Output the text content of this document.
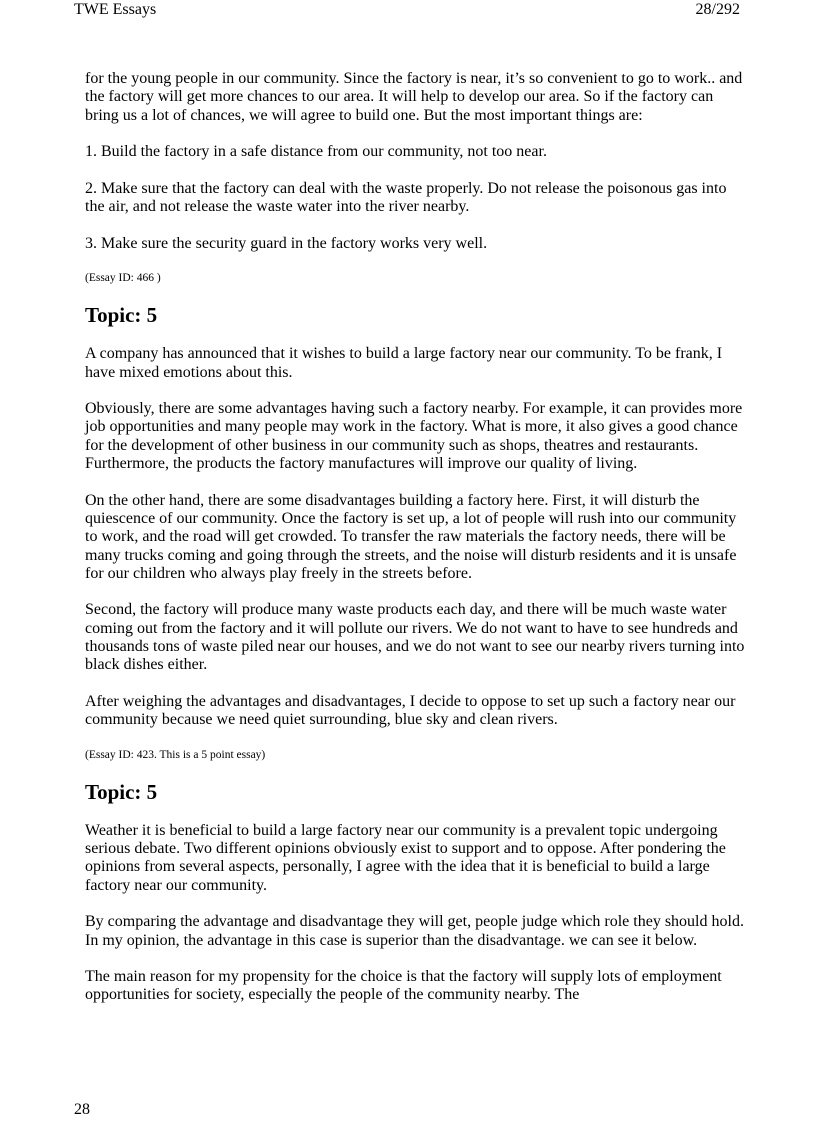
TWE Essays	28/292

for the young people in our community. Since the factory is near, it’s so convenient to go to work.. and the factory will get more chances to our area. It will help to develop our area. So if the factory can bring us a lot of chances, we will agree to build one. But the most important things are:

1. Build the factory in a safe distance from our community, not too near.

2. Make sure that the factory can deal with the waste properly. Do not release the poisonous gas into the air, and not release the waste water into the river nearby.

3. Make sure the security guard in the factory works very well.

(Essay ID: 466 )

Topic: 5

A company has announced that it wishes to build a large factory near our community. To be frank, I have mixed emotions about this.

Obviously, there are some advantages having such a factory nearby. For example, it can provides more job opportunities and many people may work in the factory. What is more, it also gives a good chance for the development of other business in our community such as shops, theatres and restaurants. Furthermore, the products the factory manufactures will improve our quality of living.

On the other hand, there are some disadvantages building a factory here. First, it will disturb the quiescence of our community. Once the factory is set up, a lot of people will rush into our community to work, and the road will get crowded. To transfer the raw materials the factory needs, there will be many trucks coming and going through the streets, and the noise will disturb residents and it is unsafe for our children who always play freely in the streets before.

Second, the factory will produce many waste products each day, and there will be much waste water coming out from the factory and it will pollute our rivers. We do not want to have to see hundreds and thousands tons of waste piled near our houses, and we do not want to see our nearby rivers turning into black dishes either.

After weighing the advantages and disadvantages, I decide to oppose to set up such a factory near our community because we need quiet surrounding, blue sky and clean rivers.

(Essay ID: 423. This is a 5 point essay)

Topic: 5

Weather it is beneficial to build a large factory near our community is a prevalent topic undergoing serious debate. Two different opinions obviously exist to support and to oppose. After pondering the opinions from several aspects, personally, I agree with the idea that it is beneficial to build a large factory near our community.

By comparing the advantage and disadvantage they will get, people judge which role they should hold. In my opinion, the advantage in this case is superior than the disadvantage. we can see it below.

The main reason for my propensity for the choice is that the factory will supply lots of employment opportunities for society, especially the people of the community nearby. The

28
